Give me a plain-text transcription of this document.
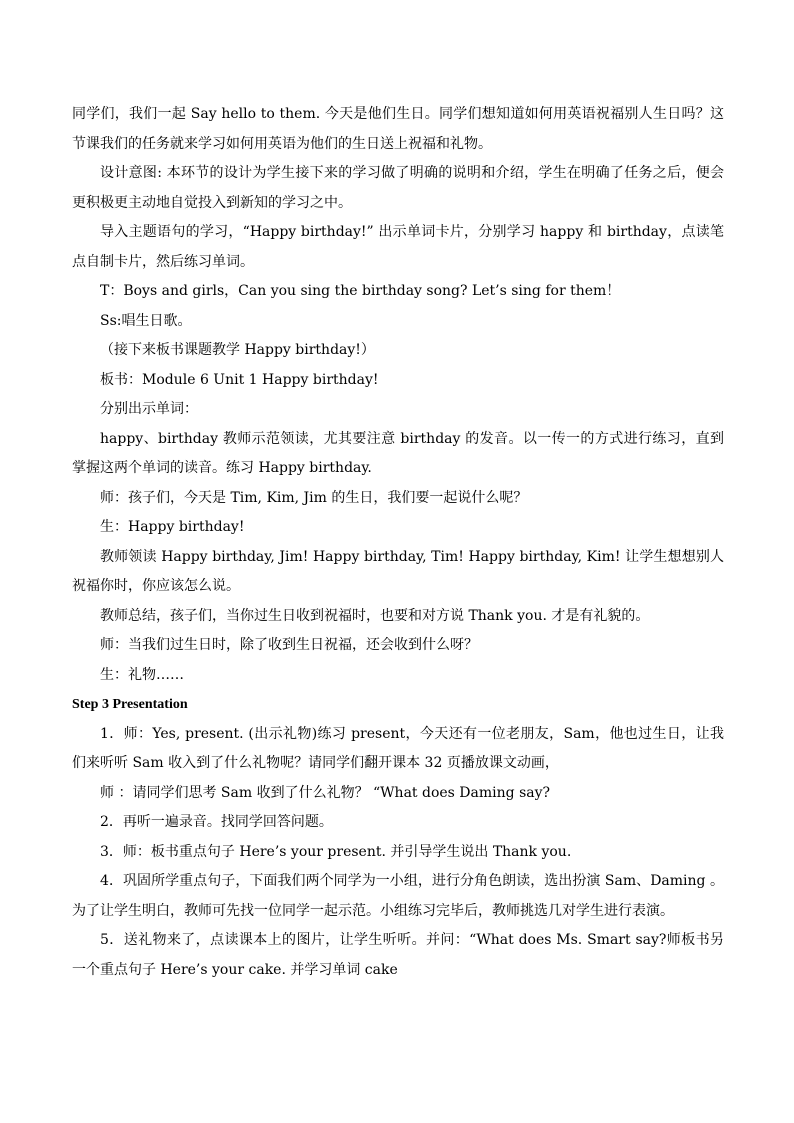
同学们，我们一起 Say hello to them. 今天是他们生日。同学们想知道如何用英语祝福别人生日吗？这节课我们的任务就来学习如何用英语为他们的生日送上祝福和礼物。

设计意图: 本环节的设计为学生接下来的学习做了明确的说明和介绍，学生在明确了任务之后，便会更积极更主动地自觉投入到新知的学习之中。

导入主题语句的学习，“Happy birthday!” 出示单词卡片，分别学习 happy 和 birthday，点读笔点自制卡片，然后练习单词。

T：Boys and girls，Can you sing the birthday song? Let’s sing for them！

Ss:唱生日歌。

（接下来板书课题教学 Happy birthday!）

板书：Module 6 Unit 1 Happy birthday!

分别出示单词：

happy、birthday 教师示范领读，尤其要注意 birthday 的发音。以一传一的方式进行练习，直到掌握这两个单词的读音。练习 Happy birthday.

师：孩子们，今天是 Tim, Kim, Jim 的生日，我们要一起说什么呢？

生：Happy birthday!

教师领读 Happy birthday, Jim! Happy birthday, Tim! Happy birthday, Kim! 让学生想想别人祝福你时，你应该怎么说。

教师总结，孩子们，当你过生日收到祝福时，也要和对方说 Thank you. 才是有礼貌的。

师：当我们过生日时，除了收到生日祝福，还会收到什么呀？

生：礼物……

Step 3 Presentation

1．师：Yes, present. (出示礼物)练习 present，今天还有一位老朋友，Sam，他也过生日，让我们来听听 Sam 收入到了什么礼物呢？请同学们翻开课本 32 页播放课文动画，

师 ：请同学们思考 Sam 收到了什么礼物？ “What does Daming say?

2．再听一遍录音。找同学回答问题。

3．师：板书重点句子 Here’s your present. 并引导学生说出 Thank you.

4．巩固所学重点句子，下面我们两个同学为一小组，进行分角色朗读，选出扮演 Sam、Daming 。为了让学生明白，教师可先找一位同学一起示范。小组练习完毕后，教师挑选几对学生进行表演。

5．送礼物来了，点读课本上的图片，让学生听听。并问：“What does Ms. Smart say?师板书另一个重点句子 Here’s your cake. 并学习单词 cake
